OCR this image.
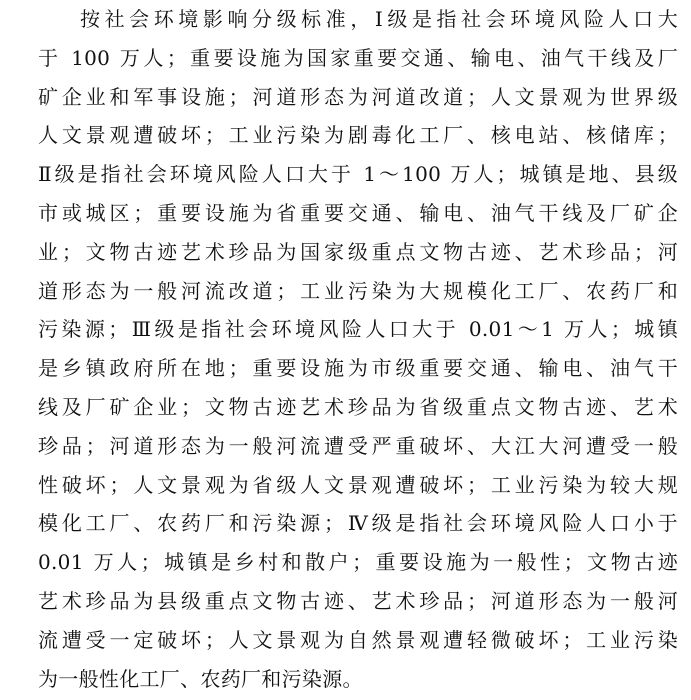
按社会环境影响分级标准，Ⅰ级是指社会环境风险人口大
于 100 万人；重要设施为国家重要交通、输电、油气干线及厂
矿企业和军事设施；河道形态为河道改道；人文景观为世界级
人文景观遭破坏；工业污染为剧毒化工厂、核电站、核储库；
Ⅱ级是指社会环境风险人口大于 1～100 万人；城镇是地、县级
市或城区；重要设施为省重要交通、输电、油气干线及厂矿企
业；文物古迹艺术珍品为国家级重点文物古迹、艺术珍品；河
道形态为一般河流改道；工业污染为大规模化工厂、农药厂和
污染源；Ⅲ级是指社会环境风险人口大于 0.01～1 万人；城镇
是乡镇政府所在地；重要设施为市级重要交通、输电、油气干
线及厂矿企业；文物古迹艺术珍品为省级重点文物古迹、艺术
珍品；河道形态为一般河流遭受严重破坏、大江大河遭受一般
性破坏；人文景观为省级人文景观遭破坏；工业污染为较大规
模化工厂、农药厂和污染源；Ⅳ级是指社会环境风险人口小于
0.01 万人；城镇是乡村和散户；重要设施为一般性；文物古迹
艺术珍品为县级重点文物古迹、艺术珍品；河道形态为一般河
流遭受一定破坏；人文景观为自然景观遭轻微破坏；工业污染
为一般性化工厂、农药厂和污染源。
